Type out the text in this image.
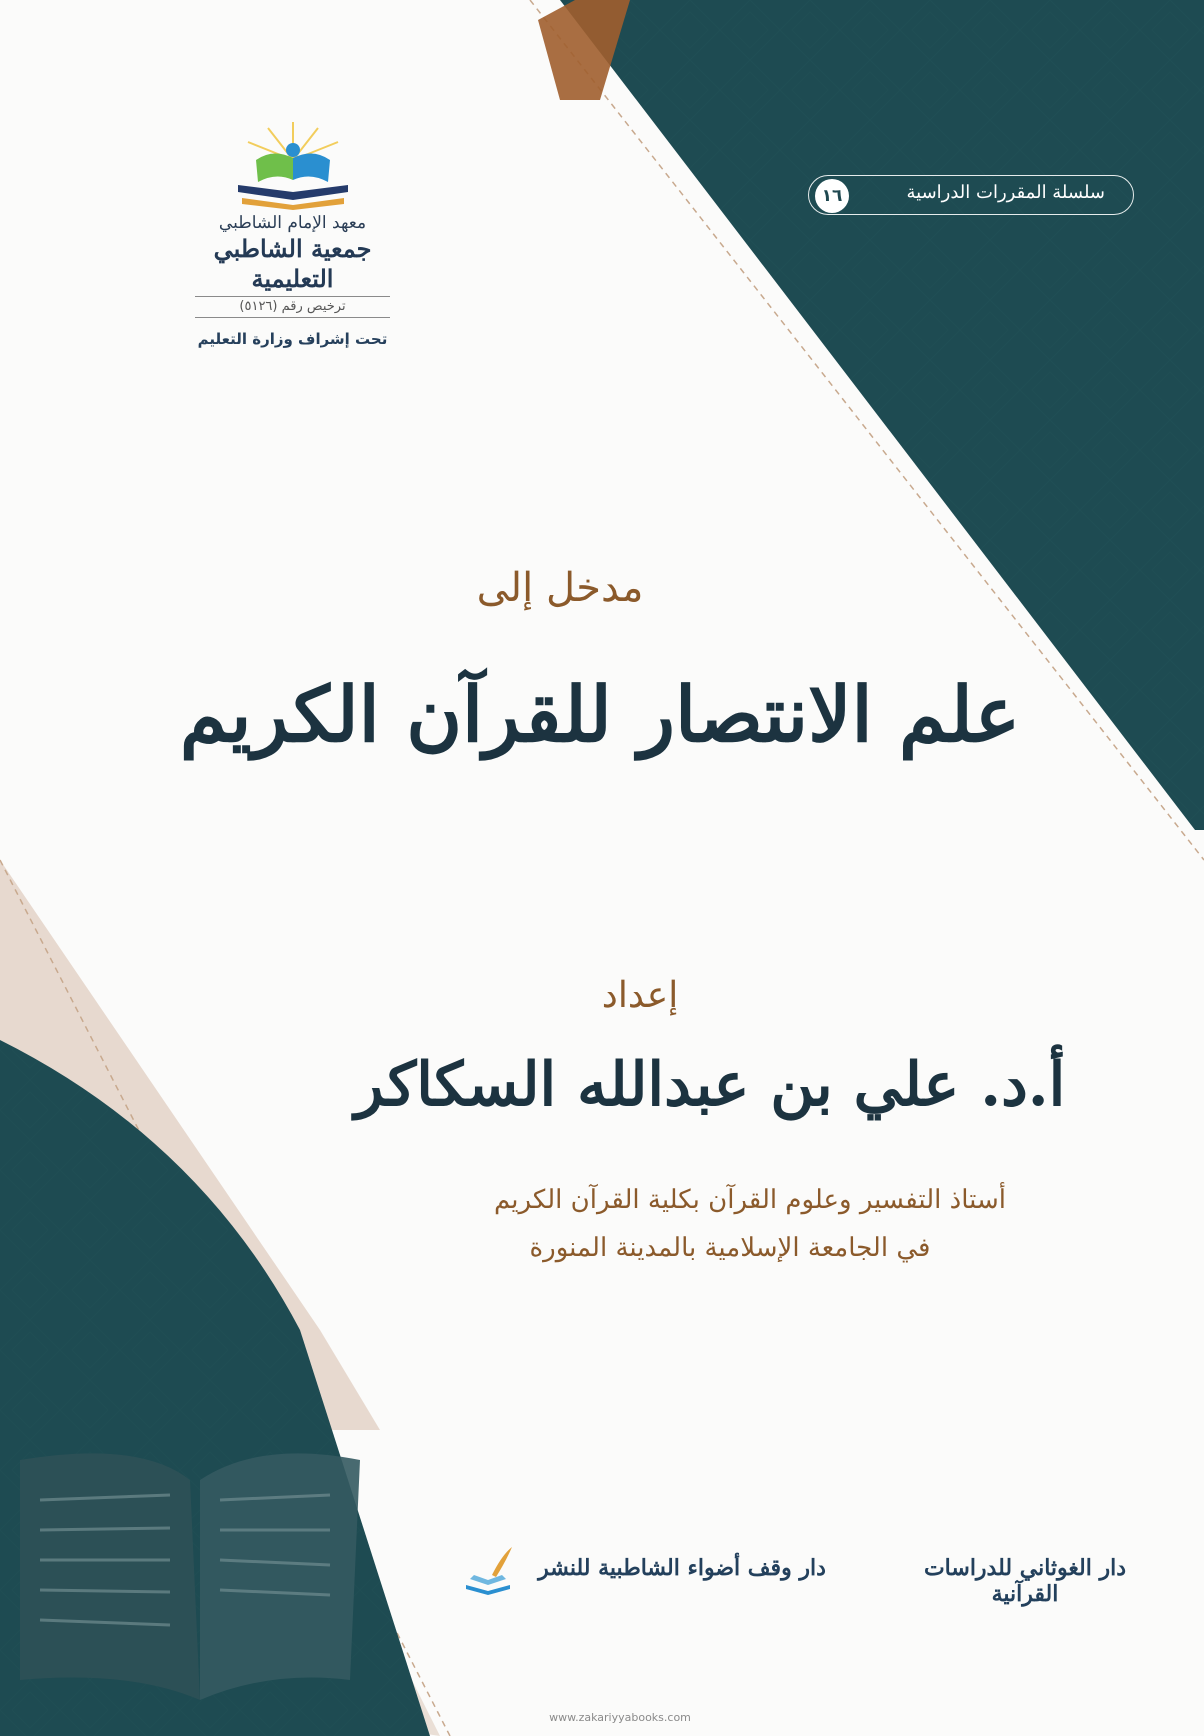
معهد الإمام الشاطبي
جمعية الشاطبي التعليمية
ترخيص رقم (٥١٢٦)
تحت إشراف وزارة التعليم
سلسلة المقررات الدراسية
١٦
مدخل إلى
علم الانتصار للقرآن الكريم
إعداد
أ.د. علي بن عبدالله السكاكر
أستاذ التفسير وعلوم القرآن بكلية القرآن الكريم
في الجامعة الإسلامية بالمدينة المنورة
دار الغوثاني للدراسات القرآنية
دار وقف أضواء الشاطبية للنشر
www.zakariyyabooks.com
